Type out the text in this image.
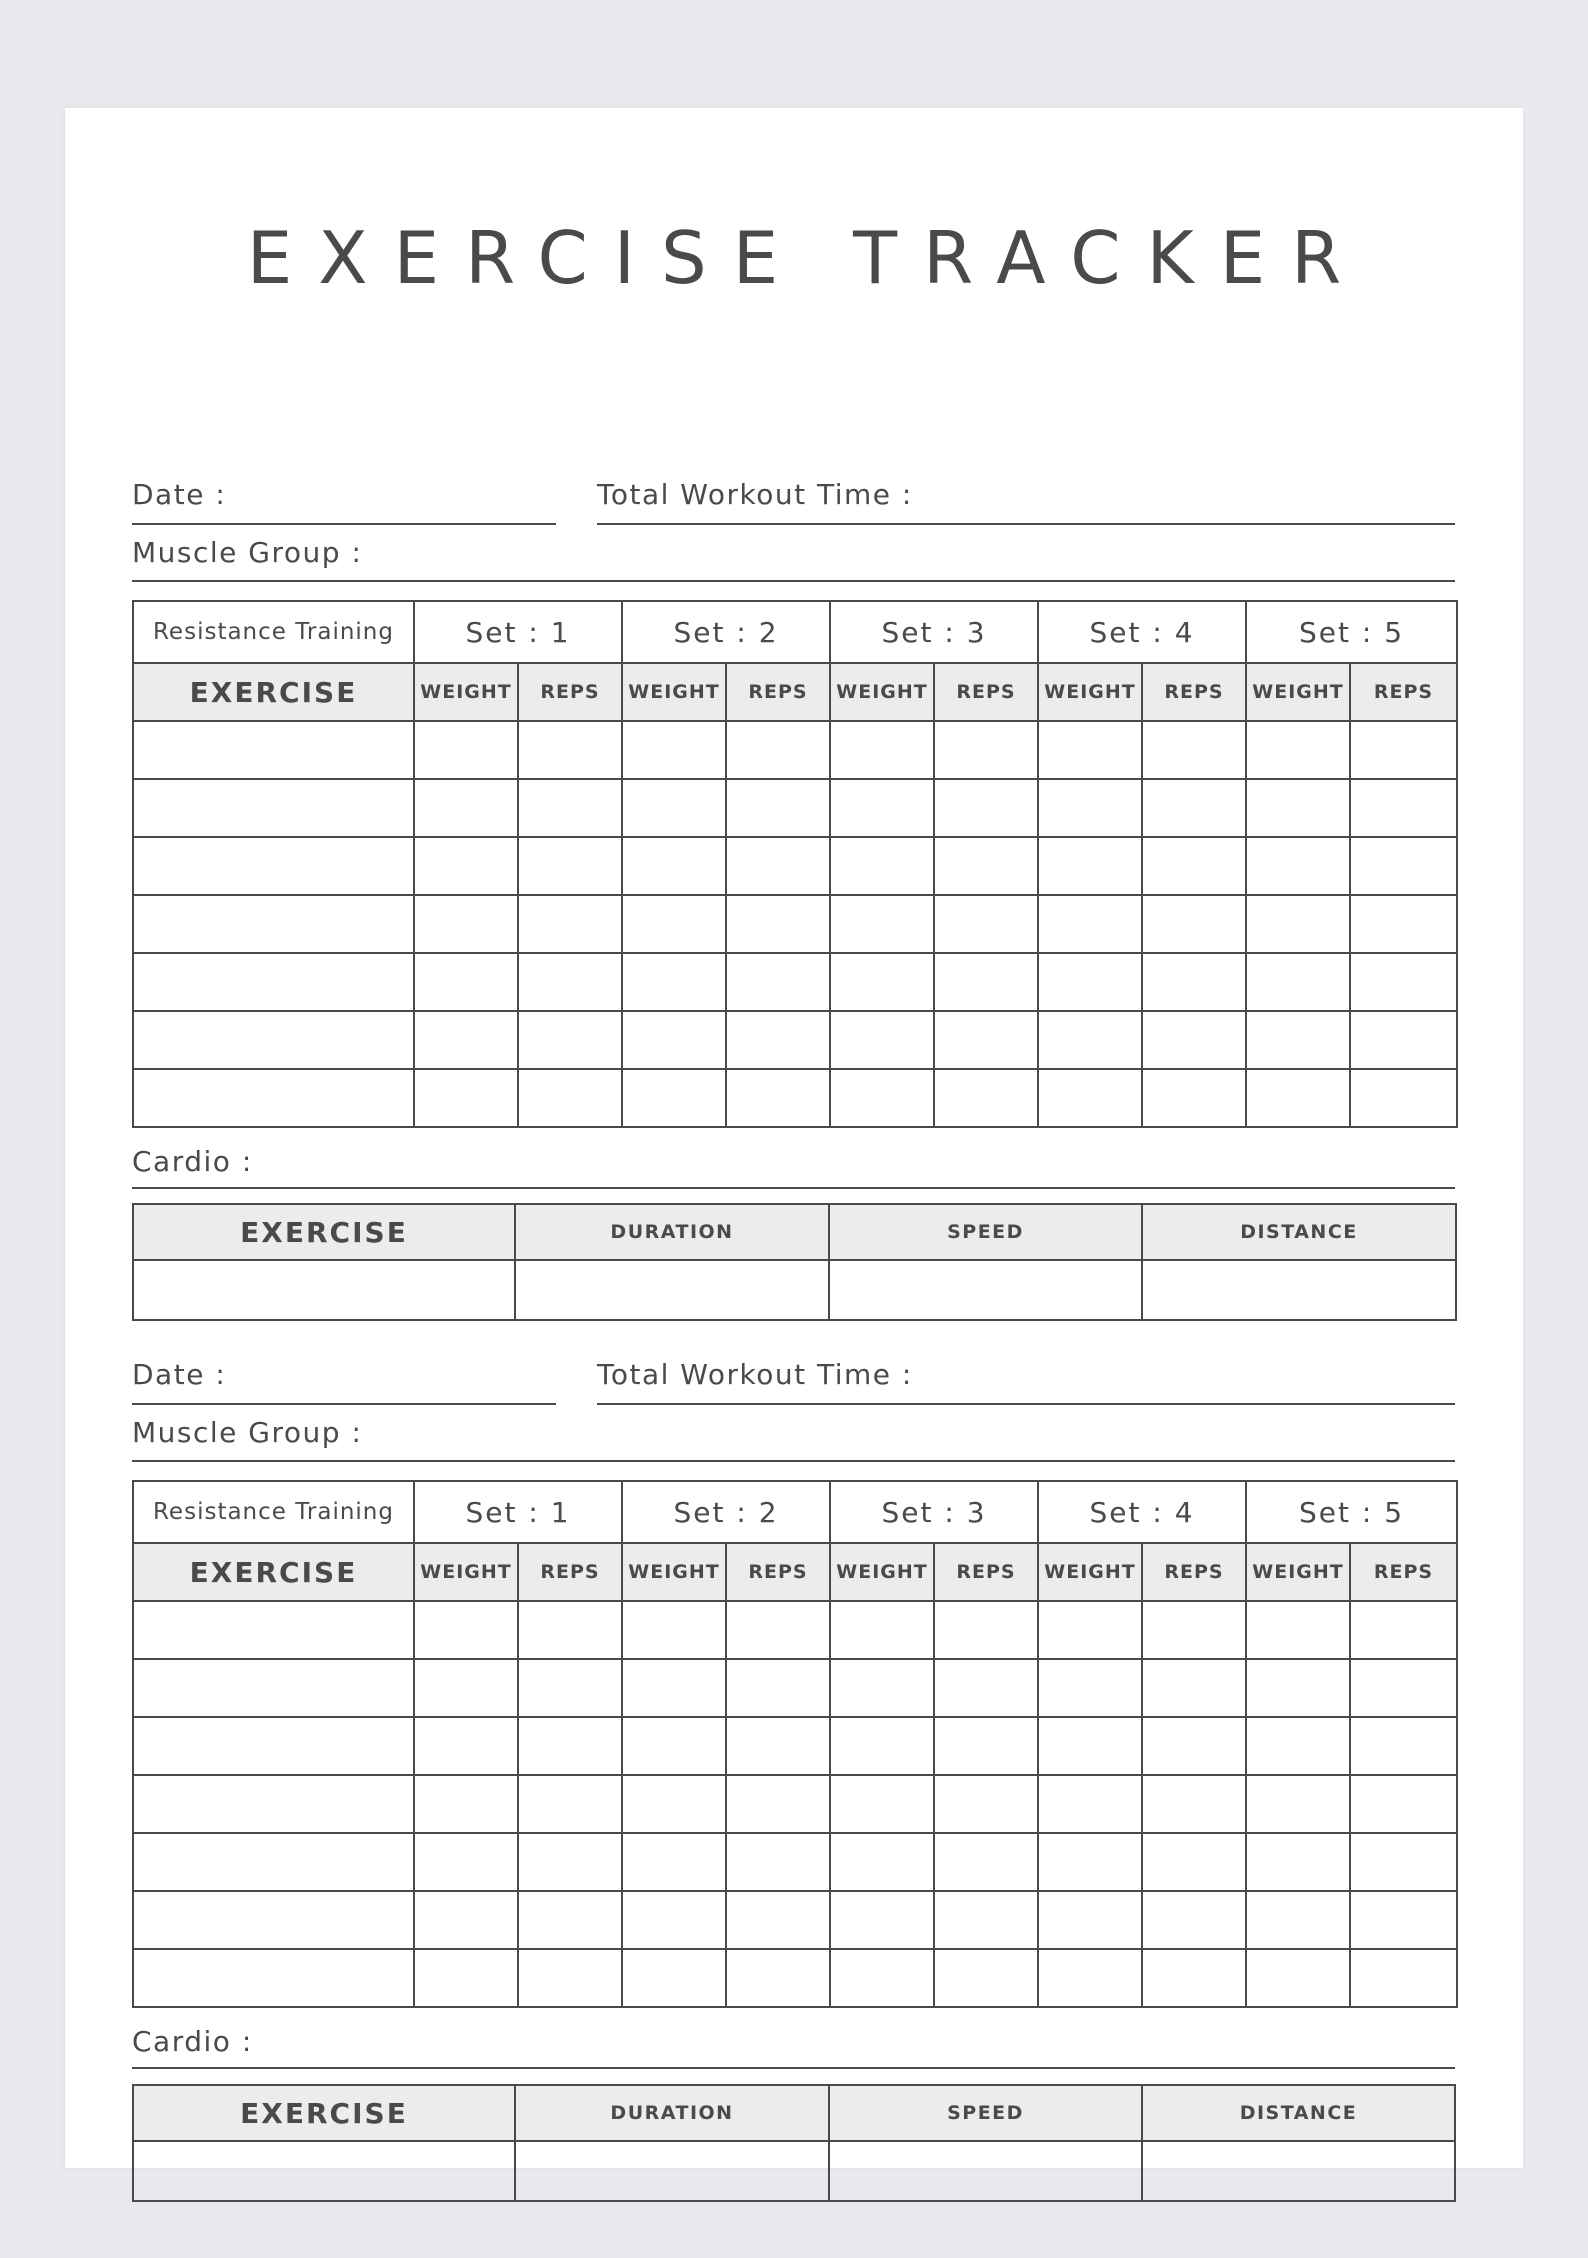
EXERCISE TRACKER
Date :	Total Workout Time :
Muscle Group :
Resistance Training	Set : 1		Set : 2		Set : 3		Set : 4		Set : 5	
EXERCISE	WEIGHT	REPS	WEIGHT	REPS	WEIGHT	REPS	WEIGHT	REPS	WEIGHT	REPS

Cardio :
EXERCISE	DURATION	SPEED	DISTANCE

Date :	Total Workout Time :
Muscle Group :
Resistance Training	Set : 1		Set : 2		Set : 3		Set : 4		Set : 5	
EXERCISE	WEIGHT	REPS	WEIGHT	REPS	WEIGHT	REPS	WEIGHT	REPS	WEIGHT	REPS

Cardio :
EXERCISE	DURATION	SPEED	DISTANCE
